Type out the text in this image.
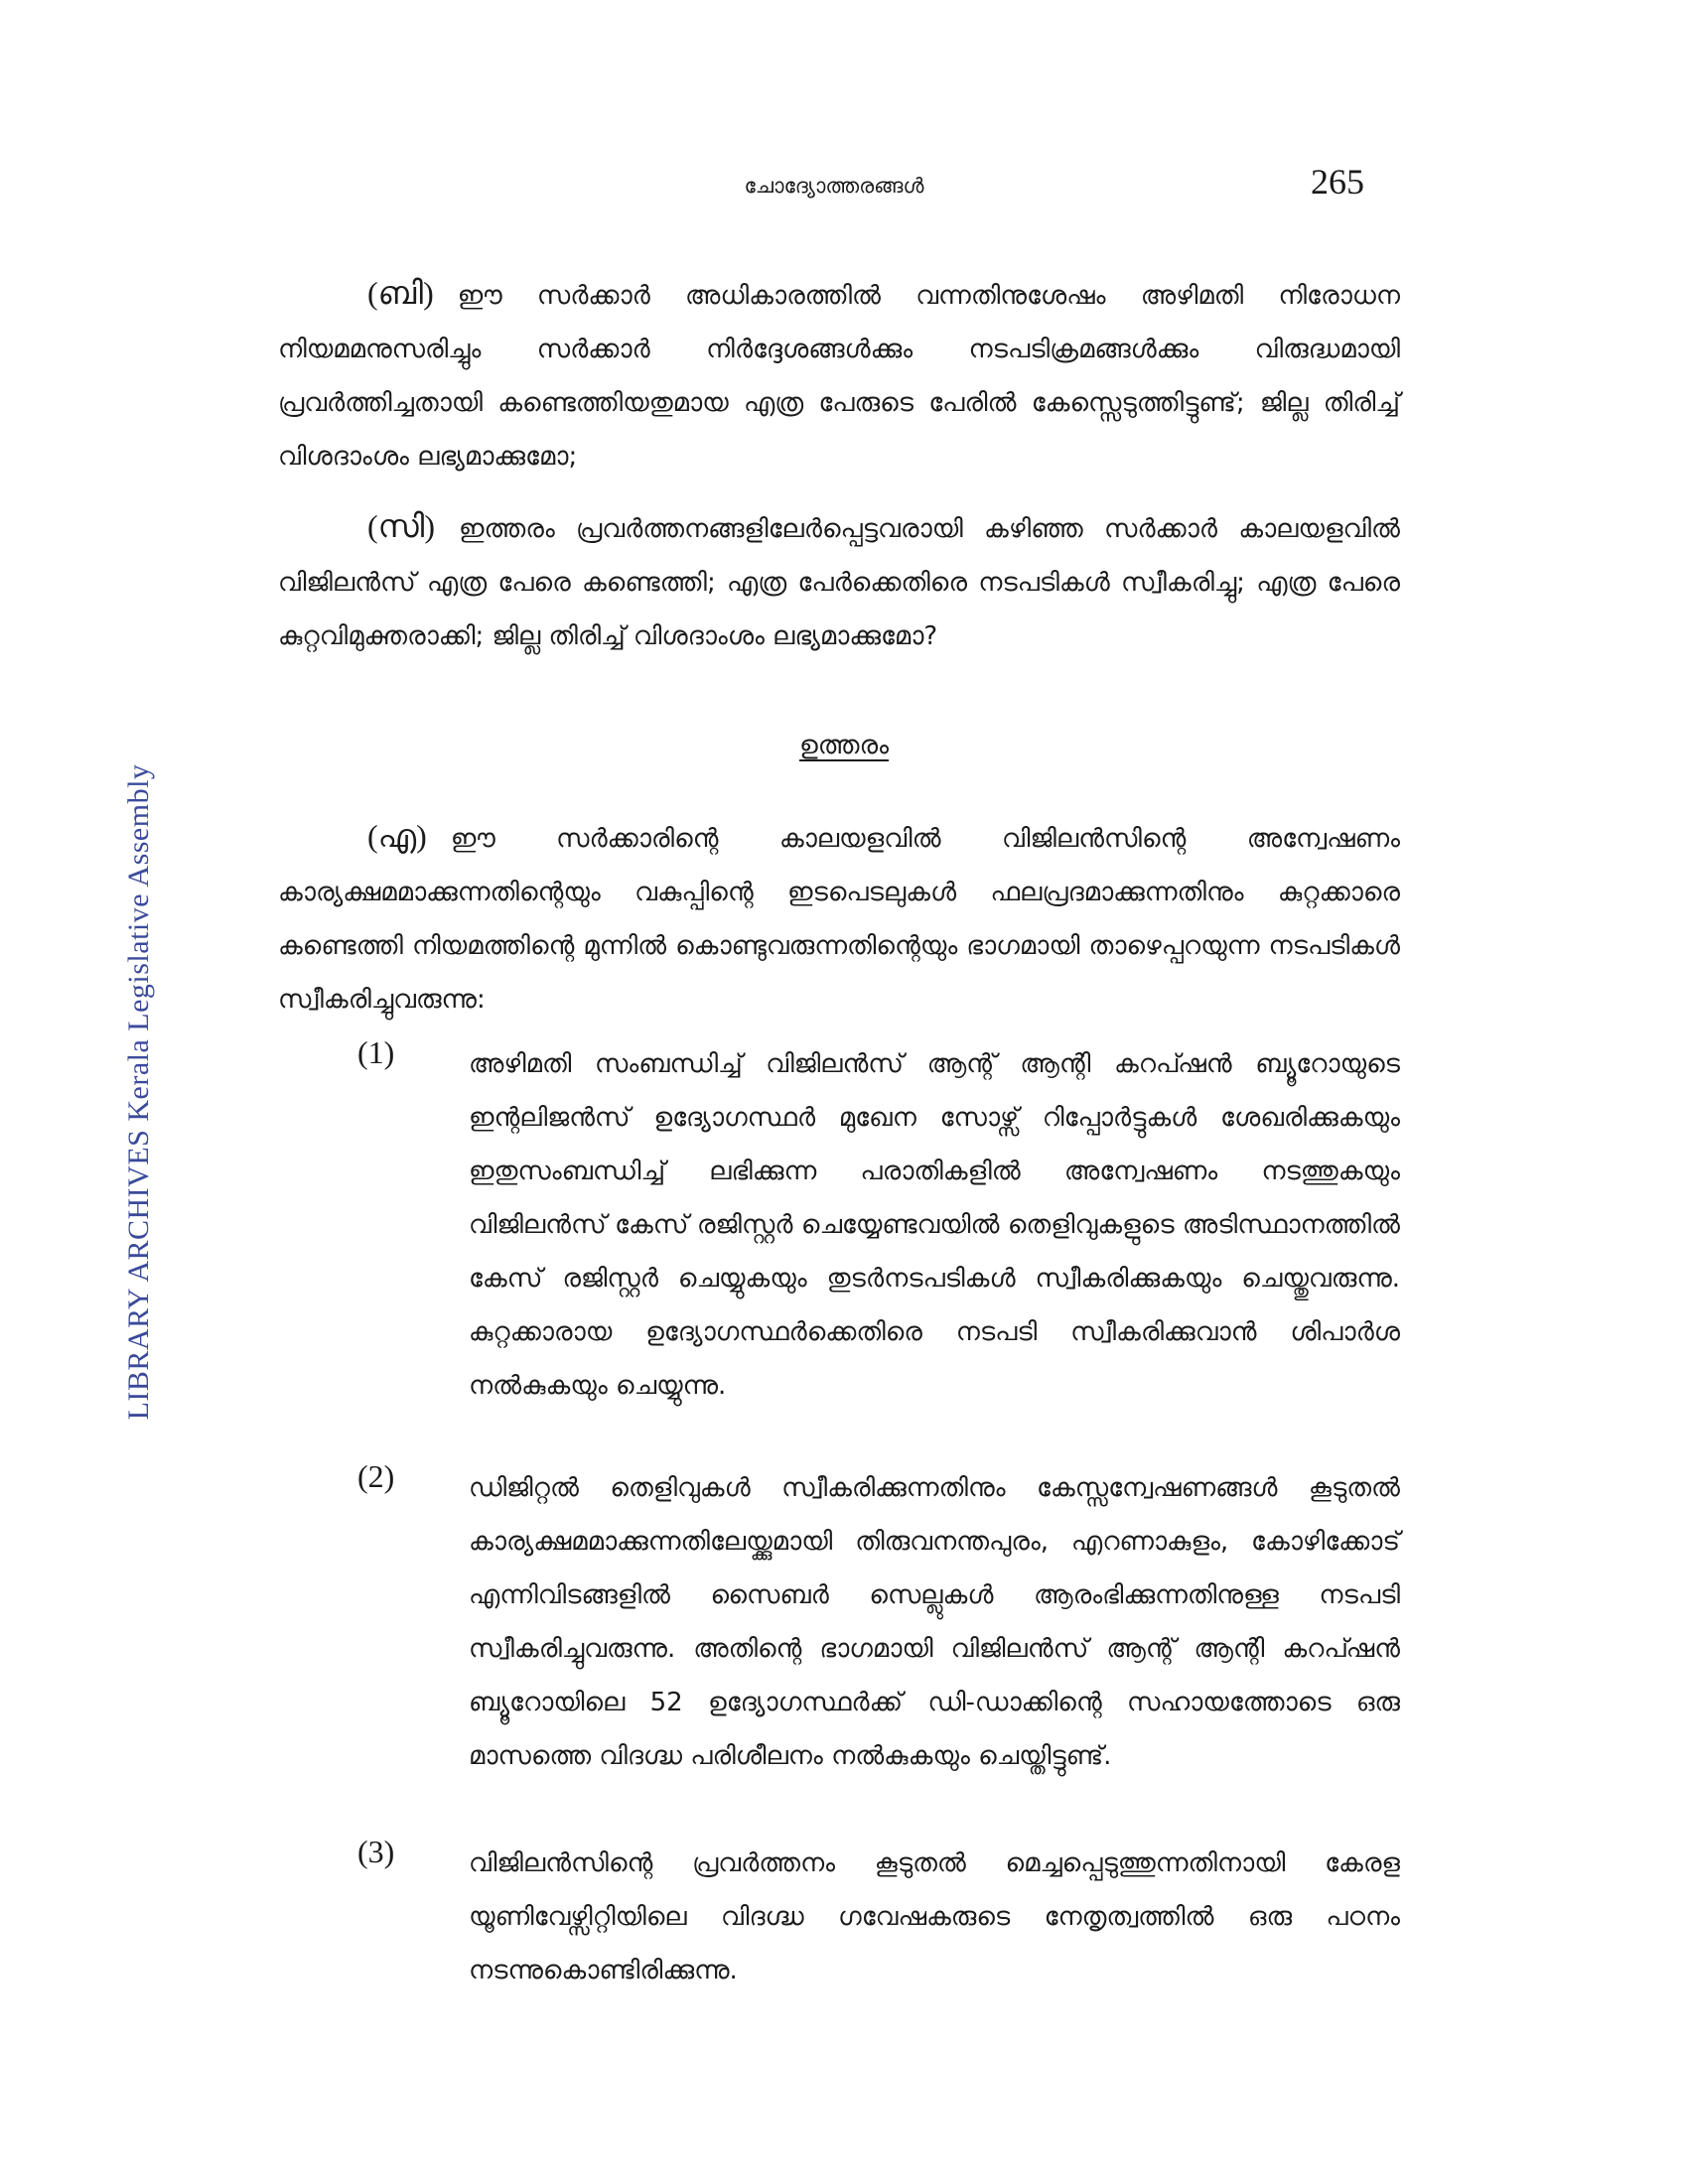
LIBRARY ARCHIVES Kerala Legislative Assembly
ചോദ്യോത്തരങ്ങൾ	265
(ബി) ഈ സർക്കാർ അധികാരത്തിൽ വന്നതിനുശേഷം അഴിമതി നിരോധന നിയമമനുസരിച്ചും സർക്കാർ നിർദ്ദേശങ്ങൾക്കും നടപടിക്രമങ്ങൾക്കും വിരുദ്ധമായി പ്രവർത്തിച്ചതായി കണ്ടെത്തിയതുമായ എത്ര പേരുടെ പേരിൽ കേസ്സെടുത്തിട്ടുണ്ട്; ജില്ല തിരിച്ച് വിശദാംശം ലഭ്യമാക്കുമോ;
(സി) ഇത്തരം പ്രവർത്തനങ്ങളിലേർപ്പെട്ടവരായി കഴിഞ്ഞ സർക്കാർ കാലയളവിൽ വിജിലൻസ് എത്ര പേരെ കണ്ടെത്തി; എത്ര പേർക്കെതിരെ നടപടികൾ സ്വീകരിച്ചു; എത്ര പേരെ കുറ്റവിമുക്തരാക്കി; ജില്ല തിരിച്ച് വിശദാംശം ലഭ്യമാക്കുമോ?
ഉത്തരം
(എ) ഈ സർക്കാരിന്റെ കാലയളവിൽ വിജിലൻസിന്റെ അന്വേഷണം കാര്യക്ഷമമാക്കുന്നതിന്റെയും വകുപ്പിന്റെ ഇടപെടലുകൾ ഫലപ്രദമാക്കുന്നതിനും കുറ്റക്കാരെ കണ്ടെത്തി നിയമത്തിന്റെ മുന്നിൽ കൊണ്ടുവരുന്നതിന്റെയും ഭാഗമായി താഴെപ്പറയുന്ന നടപടികൾ സ്വീകരിച്ചുവരുന്നു:
(1)	അഴിമതി സംബന്ധിച്ച് വിജിലൻസ് ആന്റ് ആന്റി കറപ്ഷൻ ബ്യൂറോയുടെ ഇന്റലിജൻസ് ഉദ്യോഗസ്ഥർ മുഖേന സോഴ്സ് റിപ്പോർട്ടുകൾ ശേഖരിക്കുകയും ഇതുസംബന്ധിച്ച് ലഭിക്കുന്ന പരാതികളിൽ അന്വേഷണം നടത്തുകയും വിജിലൻസ് കേസ് രജിസ്റ്റർ ചെയ്യേണ്ടവയിൽ തെളിവുകളുടെ അടിസ്ഥാനത്തിൽ കേസ് രജിസ്റ്റർ ചെയ്യുകയും തുടർനടപടികൾ സ്വീകരിക്കുകയും ചെയ്തുവരുന്നു. കുറ്റക്കാരായ ഉദ്യോഗസ്ഥർക്കെതിരെ നടപടി സ്വീകരിക്കുവാൻ ശിപാർശ നൽകുകയും ചെയ്യുന്നു.
(2)	ഡിജിറ്റൽ തെളിവുകൾ സ്വീകരിക്കുന്നതിനും കേസ്സന്വേഷണങ്ങൾ കൂടുതൽ കാര്യക്ഷമമാക്കുന്നതിലേയ്ക്കുമായി തിരുവനന്തപുരം, എറണാകുളം, കോഴിക്കോട് എന്നിവിടങ്ങളിൽ സൈബർ സെല്ലുകൾ ആരംഭിക്കുന്നതിനുള്ള നടപടി സ്വീകരിച്ചുവരുന്നു. അതിന്റെ ഭാഗമായി വിജിലൻസ് ആന്റ് ആന്റി കറപ്ഷൻ ബ്യൂറോയിലെ 52 ഉദ്യോഗസ്ഥർക്ക് ഡി-ഡാക്കിന്റെ സഹായത്തോടെ ഒരു മാസത്തെ വിദഗ്ദ്ധ പരിശീലനം നൽകുകയും ചെയ്തിട്ടുണ്ട്.
(3)	വിജിലൻസിന്റെ പ്രവർത്തനം കൂടുതൽ മെച്ചപ്പെടുത്തുന്നതിനായി കേരള യൂണിവേഴ്സിറ്റിയിലെ വിദഗ്ദ്ധ ഗവേഷകരുടെ നേതൃത്വത്തിൽ ഒരു പഠനം നടന്നുകൊണ്ടിരിക്കുന്നു.
